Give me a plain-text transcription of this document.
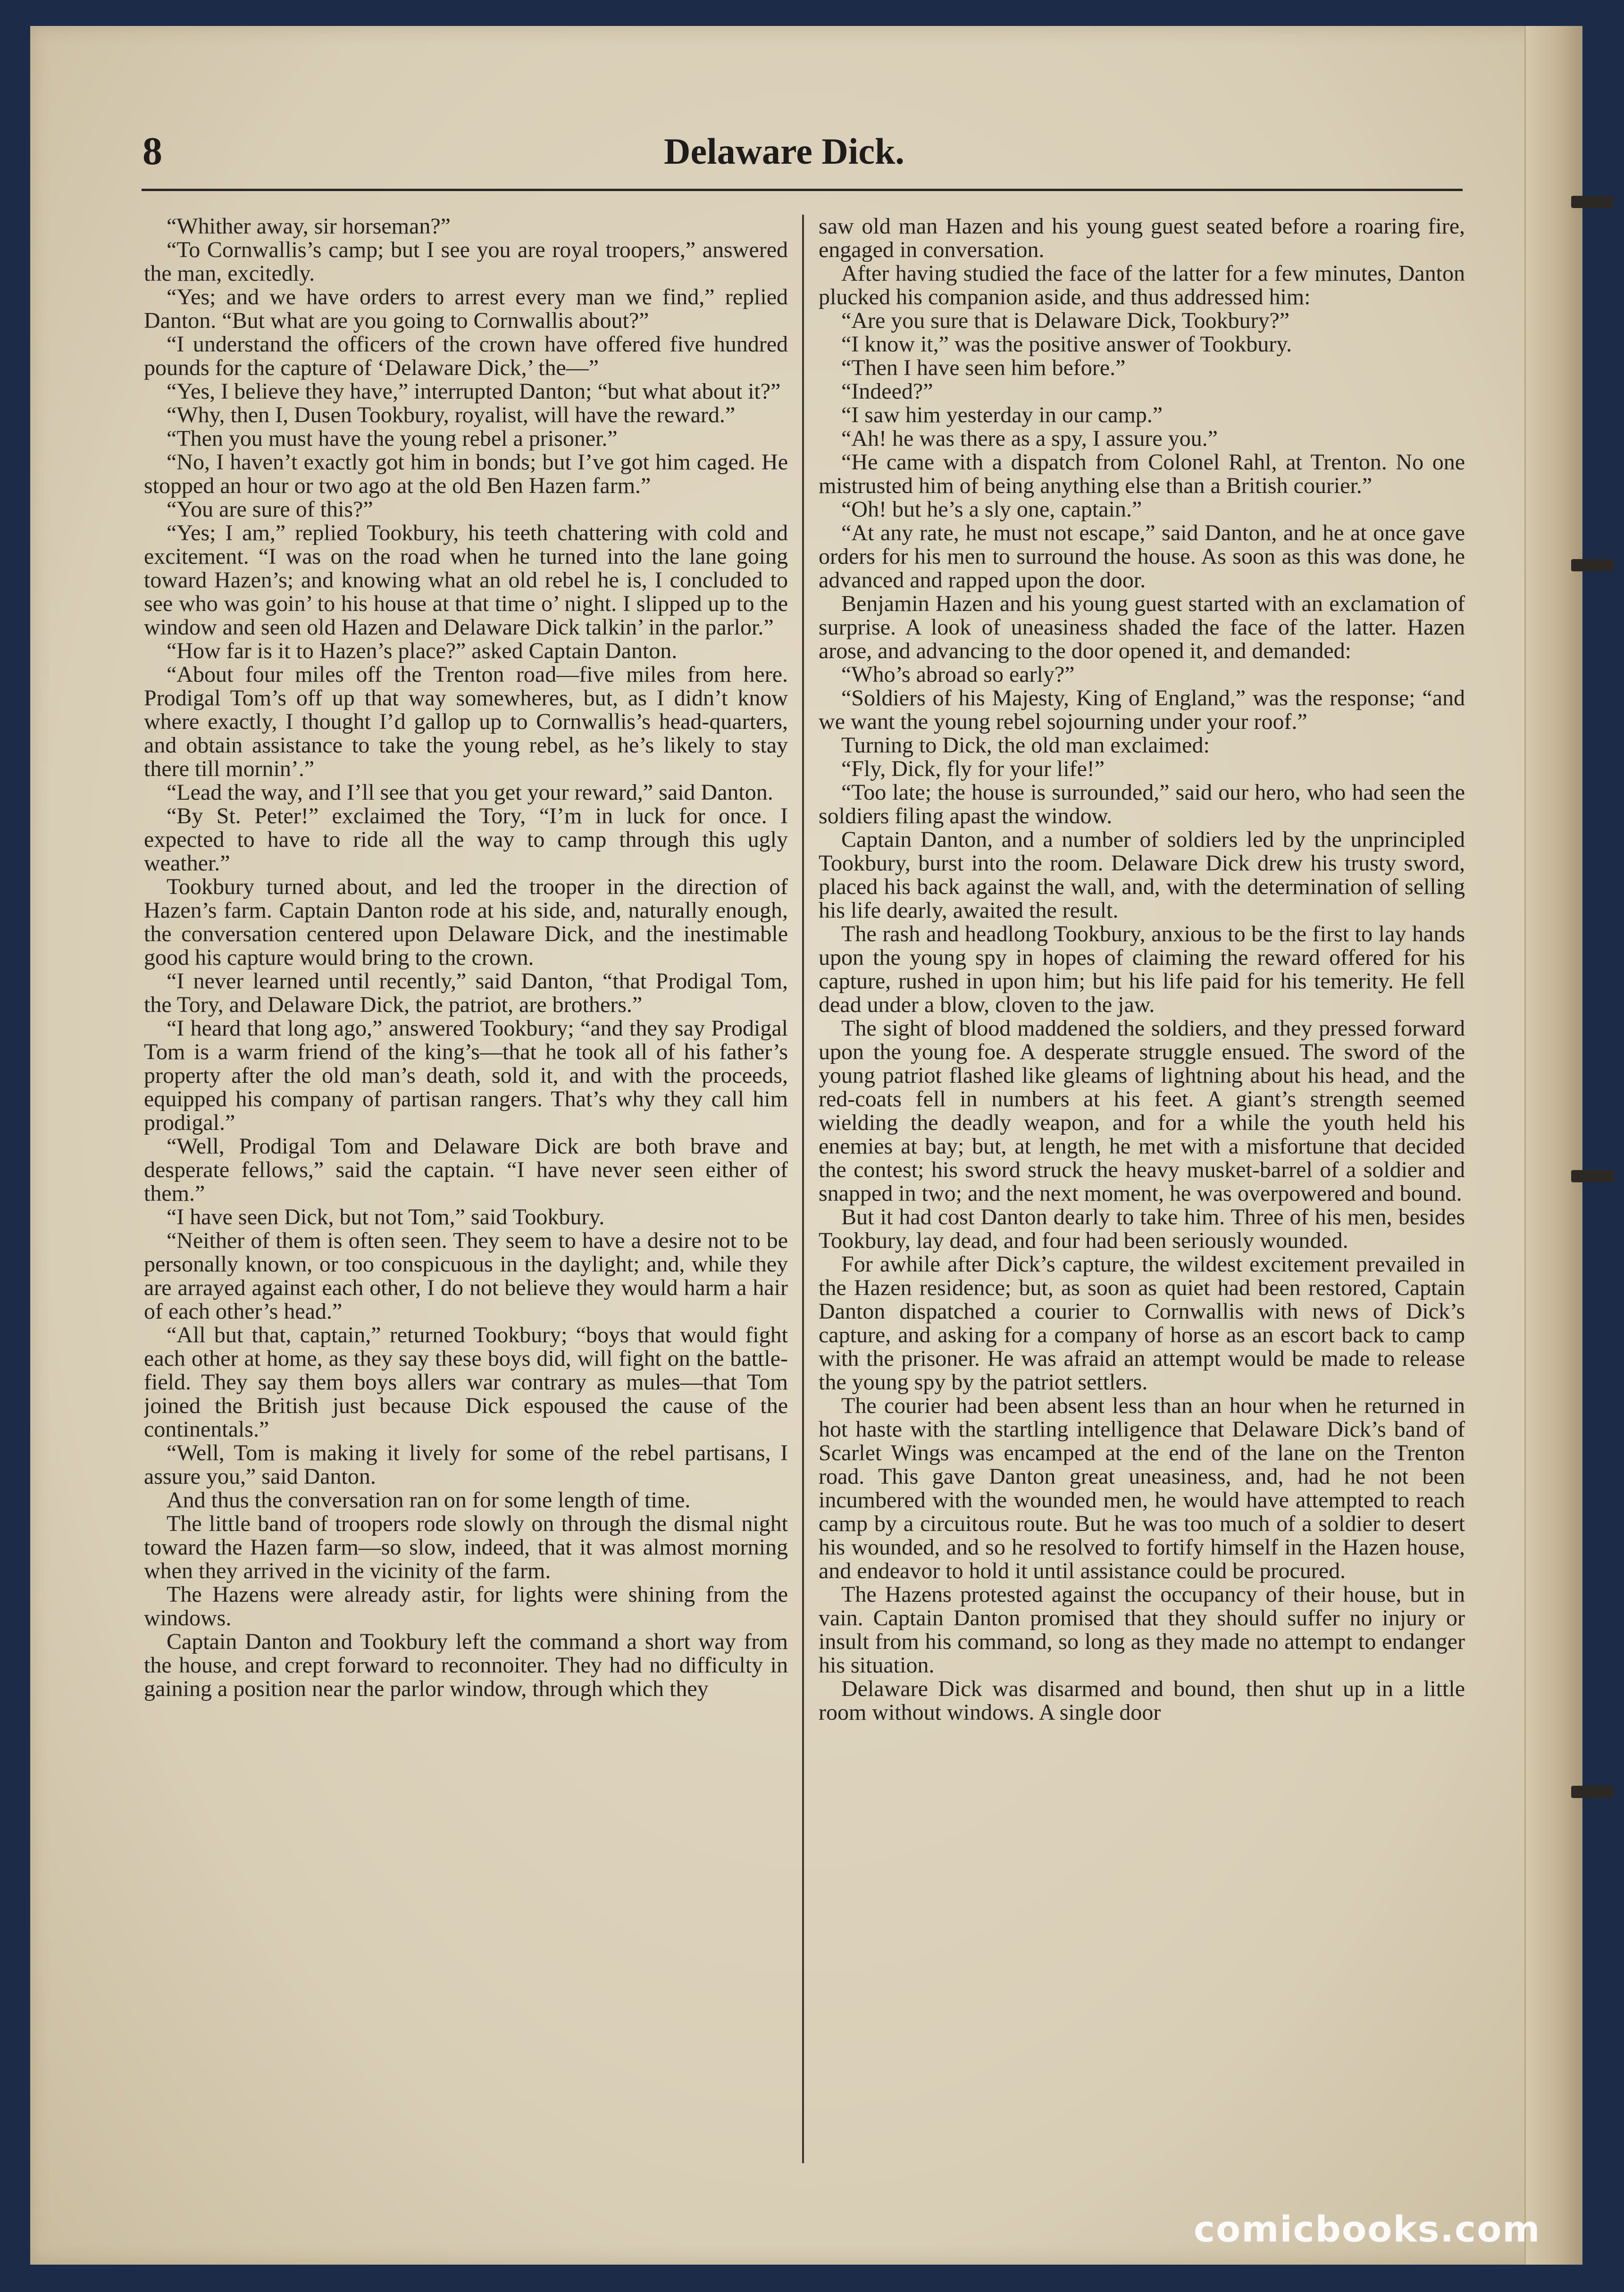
8	Delaware Dick.

“Whither away, sir horseman?”

“To Cornwallis’s camp; but I see you are royal troopers,” answered the man, excitedly.

“Yes; and we have orders to arrest every man we find,” replied Danton. “But what are you going to Cornwallis about?”

“I understand the officers of the crown have offered five hundred pounds for the capture of ‘Delaware Dick,’ the—”

“Yes, I believe they have,” interrupted Danton; “but what about it?”

“Why, then I, Dusen Tookbury, royalist, will have the reward.”

“Then you must have the young rebel a prisoner.”

“No, I haven’t exactly got him in bonds; but I’ve got him caged. He stopped an hour or two ago at the old Ben Hazen farm.”

“You are sure of this?”

“Yes; I am,” replied Tookbury, his teeth chattering with cold and excitement. “I was on the road when he turned into the lane going toward Hazen’s; and knowing what an old rebel he is, I concluded to see who was goin’ to his house at that time o’ night. I slipped up to the window and seen old Hazen and Delaware Dick talkin’ in the parlor.”

“How far is it to Hazen’s place?” asked Captain Danton.

“About four miles off the Trenton road—five miles from here. Prodigal Tom’s off up that way somewheres, but, as I didn’t know where exactly, I thought I’d gallop up to Cornwallis’s head-quarters, and obtain assistance to take the young rebel, as he’s likely to stay there till mornin’.”

“Lead the way, and I’ll see that you get your reward,” said Danton.

“By St. Peter!” exclaimed the Tory, “I’m in luck for once. I expected to have to ride all the way to camp through this ugly weather.”

Tookbury turned about, and led the trooper in the direction of Hazen’s farm. Captain Danton rode at his side, and, naturally enough, the conversation centered upon Delaware Dick, and the inestimable good his capture would bring to the crown.

“I never learned until recently,” said Danton, “that Prodigal Tom, the Tory, and Delaware Dick, the patriot, are brothers.”

“I heard that long ago,” answered Tookbury; “and they say Prodigal Tom is a warm friend of the king’s—that he took all of his father’s property after the old man’s death, sold it, and with the proceeds, equipped his company of partisan rangers. That’s why they call him prodigal.”

“Well, Prodigal Tom and Delaware Dick are both brave and desperate fellows,” said the captain. “I have never seen either of them.”

“I have seen Dick, but not Tom,” said Tookbury.

“Neither of them is often seen. They seem to have a desire not to be personally known, or too conspicuous in the daylight; and, while they are arrayed against each other, I do not believe they would harm a hair of each other’s head.”

“All but that, captain,” returned Tookbury; “boys that would fight each other at home, as they say these boys did, will fight on the battle-field. They say them boys allers war contrary as mules—that Tom joined the British just because Dick espoused the cause of the continentals.”

“Well, Tom is making it lively for some of the rebel partisans, I assure you,” said Danton.

And thus the conversation ran on for some length of time.

The little band of troopers rode slowly on through the dismal night toward the Hazen farm—so slow, indeed, that it was almost morning when they arrived in the vicinity of the farm.

The Hazens were already astir, for lights were shining from the windows.

Captain Danton and Tookbury left the command a short way from the house, and crept forward to reconnoiter. They had no difficulty in gaining a position near the parlor window, through which they

saw old man Hazen and his young guest seated before a roaring fire, engaged in conversation.

After having studied the face of the latter for a few minutes, Danton plucked his companion aside, and thus addressed him:

“Are you sure that is Delaware Dick, Tookbury?”

“I know it,” was the positive answer of Tookbury.

“Then I have seen him before.”

“Indeed?”

“I saw him yesterday in our camp.”

“Ah! he was there as a spy, I assure you.”

“He came with a dispatch from Colonel Rahl, at Trenton. No one mistrusted him of being anything else than a British courier.”

“Oh! but he’s a sly one, captain.”

“At any rate, he must not escape,” said Danton, and he at once gave orders for his men to surround the house. As soon as this was done, he advanced and rapped upon the door.

Benjamin Hazen and his young guest started with an exclamation of surprise. A look of uneasiness shaded the face of the latter. Hazen arose, and advancing to the door opened it, and demanded:

“Who’s abroad so early?”

“Soldiers of his Majesty, King of England,” was the response; “and we want the young rebel sojourning under your roof.”

Turning to Dick, the old man exclaimed:

“Fly, Dick, fly for your life!”

“Too late; the house is surrounded,” said our hero, who had seen the soldiers filing apast the window.

Captain Danton, and a number of soldiers led by the unprincipled Tookbury, burst into the room. Delaware Dick drew his trusty sword, placed his back against the wall, and, with the determination of selling his life dearly, awaited the result.

The rash and headlong Tookbury, anxious to be the first to lay hands upon the young spy in hopes of claiming the reward offered for his capture, rushed in upon him; but his life paid for his temerity. He fell dead under a blow, cloven to the jaw.

The sight of blood maddened the soldiers, and they pressed forward upon the young foe. A desperate struggle ensued. The sword of the young patriot flashed like gleams of lightning about his head, and the red-coats fell in numbers at his feet. A giant’s strength seemed wielding the deadly weapon, and for a while the youth held his enemies at bay; but, at length, he met with a misfortune that decided the contest; his sword struck the heavy musket-barrel of a soldier and snapped in two; and the next moment, he was overpowered and bound.

But it had cost Danton dearly to take him. Three of his men, besides Tookbury, lay dead, and four had been seriously wounded.

For awhile after Dick’s capture, the wildest excitement prevailed in the Hazen residence; but, as soon as quiet had been restored, Captain Danton dispatched a courier to Cornwallis with news of Dick’s capture, and asking for a company of horse as an escort back to camp with the prisoner. He was afraid an attempt would be made to release the young spy by the patriot settlers.

The courier had been absent less than an hour when he returned in hot haste with the startling intelligence that Delaware Dick’s band of Scarlet Wings was encamped at the end of the lane on the Trenton road. This gave Danton great uneasiness, and, had he not been incumbered with the wounded men, he would have attempted to reach camp by a circuitous route. But he was too much of a soldier to desert his wounded, and so he resolved to fortify himself in the Hazen house, and endeavor to hold it until assistance could be procured.

The Hazens protested against the occupancy of their house, but in vain. Captain Danton promised that they should suffer no injury or insult from his command, so long as they made no attempt to endanger his situation.

Delaware Dick was disarmed and bound, then shut up in a little room without windows. A single door

comicbooks.com
